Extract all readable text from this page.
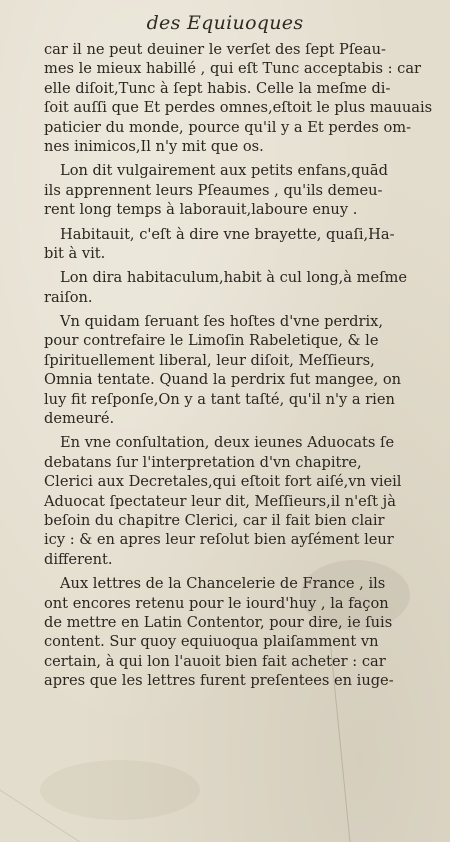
des Equiuoques
car il ne peut deuiner le verſet des ſept Pſeau-
mes le mieux habillé , qui eſt Tunc acceptabis : car
elle diſoit,Tunc à ſept habis. Celle la meſme di-
ſoit auſſi que Et perdes omnes,eſtoit le plus mauuais
paticier du monde, pource qu'il y a Et perdes om-
nes inimicos,Il n'y mit que os.
Lon dit vulgairement aux petits enfans,quād
ils apprennent leurs Pſeaumes , qu'ils demeu-
rent long temps à laborauit,laboure enuy .
Habitauit, c'eſt à dire vne brayette, quaſi,Ha-
bit à vit.
Lon dira habitaculum,habit à cul long,à meſme
raiſon.
Vn quidam ſeruant ſes hoſtes d'vne perdrix,
pour contrefaire le Limoſin Rabeletique, & le
ſpirituellement liberal, leur diſoit, Meſſieurs,
Omnia tentate. Quand la perdrix fut mangee, on
luy fit reſponſe,On y a tant taſté, qu'il n'y a rien
demeuré.
En vne conſultation, deux ieunes Aduocats ſe
debatans ſur l'interpretation d'vn chapitre,
Clerici aux Decretales,qui eſtoit fort aiſé,vn vieil
Aduocat ſpectateur leur dit, Meſſieurs,il n'eſt jà
beſoin du chapitre Clerici, car il fait bien clair
icy : & en apres leur reſolut bien ayſément leur
different.
Aux lettres de la Chancelerie de France , ils
ont encores retenu pour le iourd'huy , la façon
de mettre en Latin Contentor, pour dire, ie ſuis
content. Sur quoy equiuoqua plaiſamment vn
certain, à qui lon l'auoit bien fait acheter : car
apres que les lettres furent preſentees en iuge-
